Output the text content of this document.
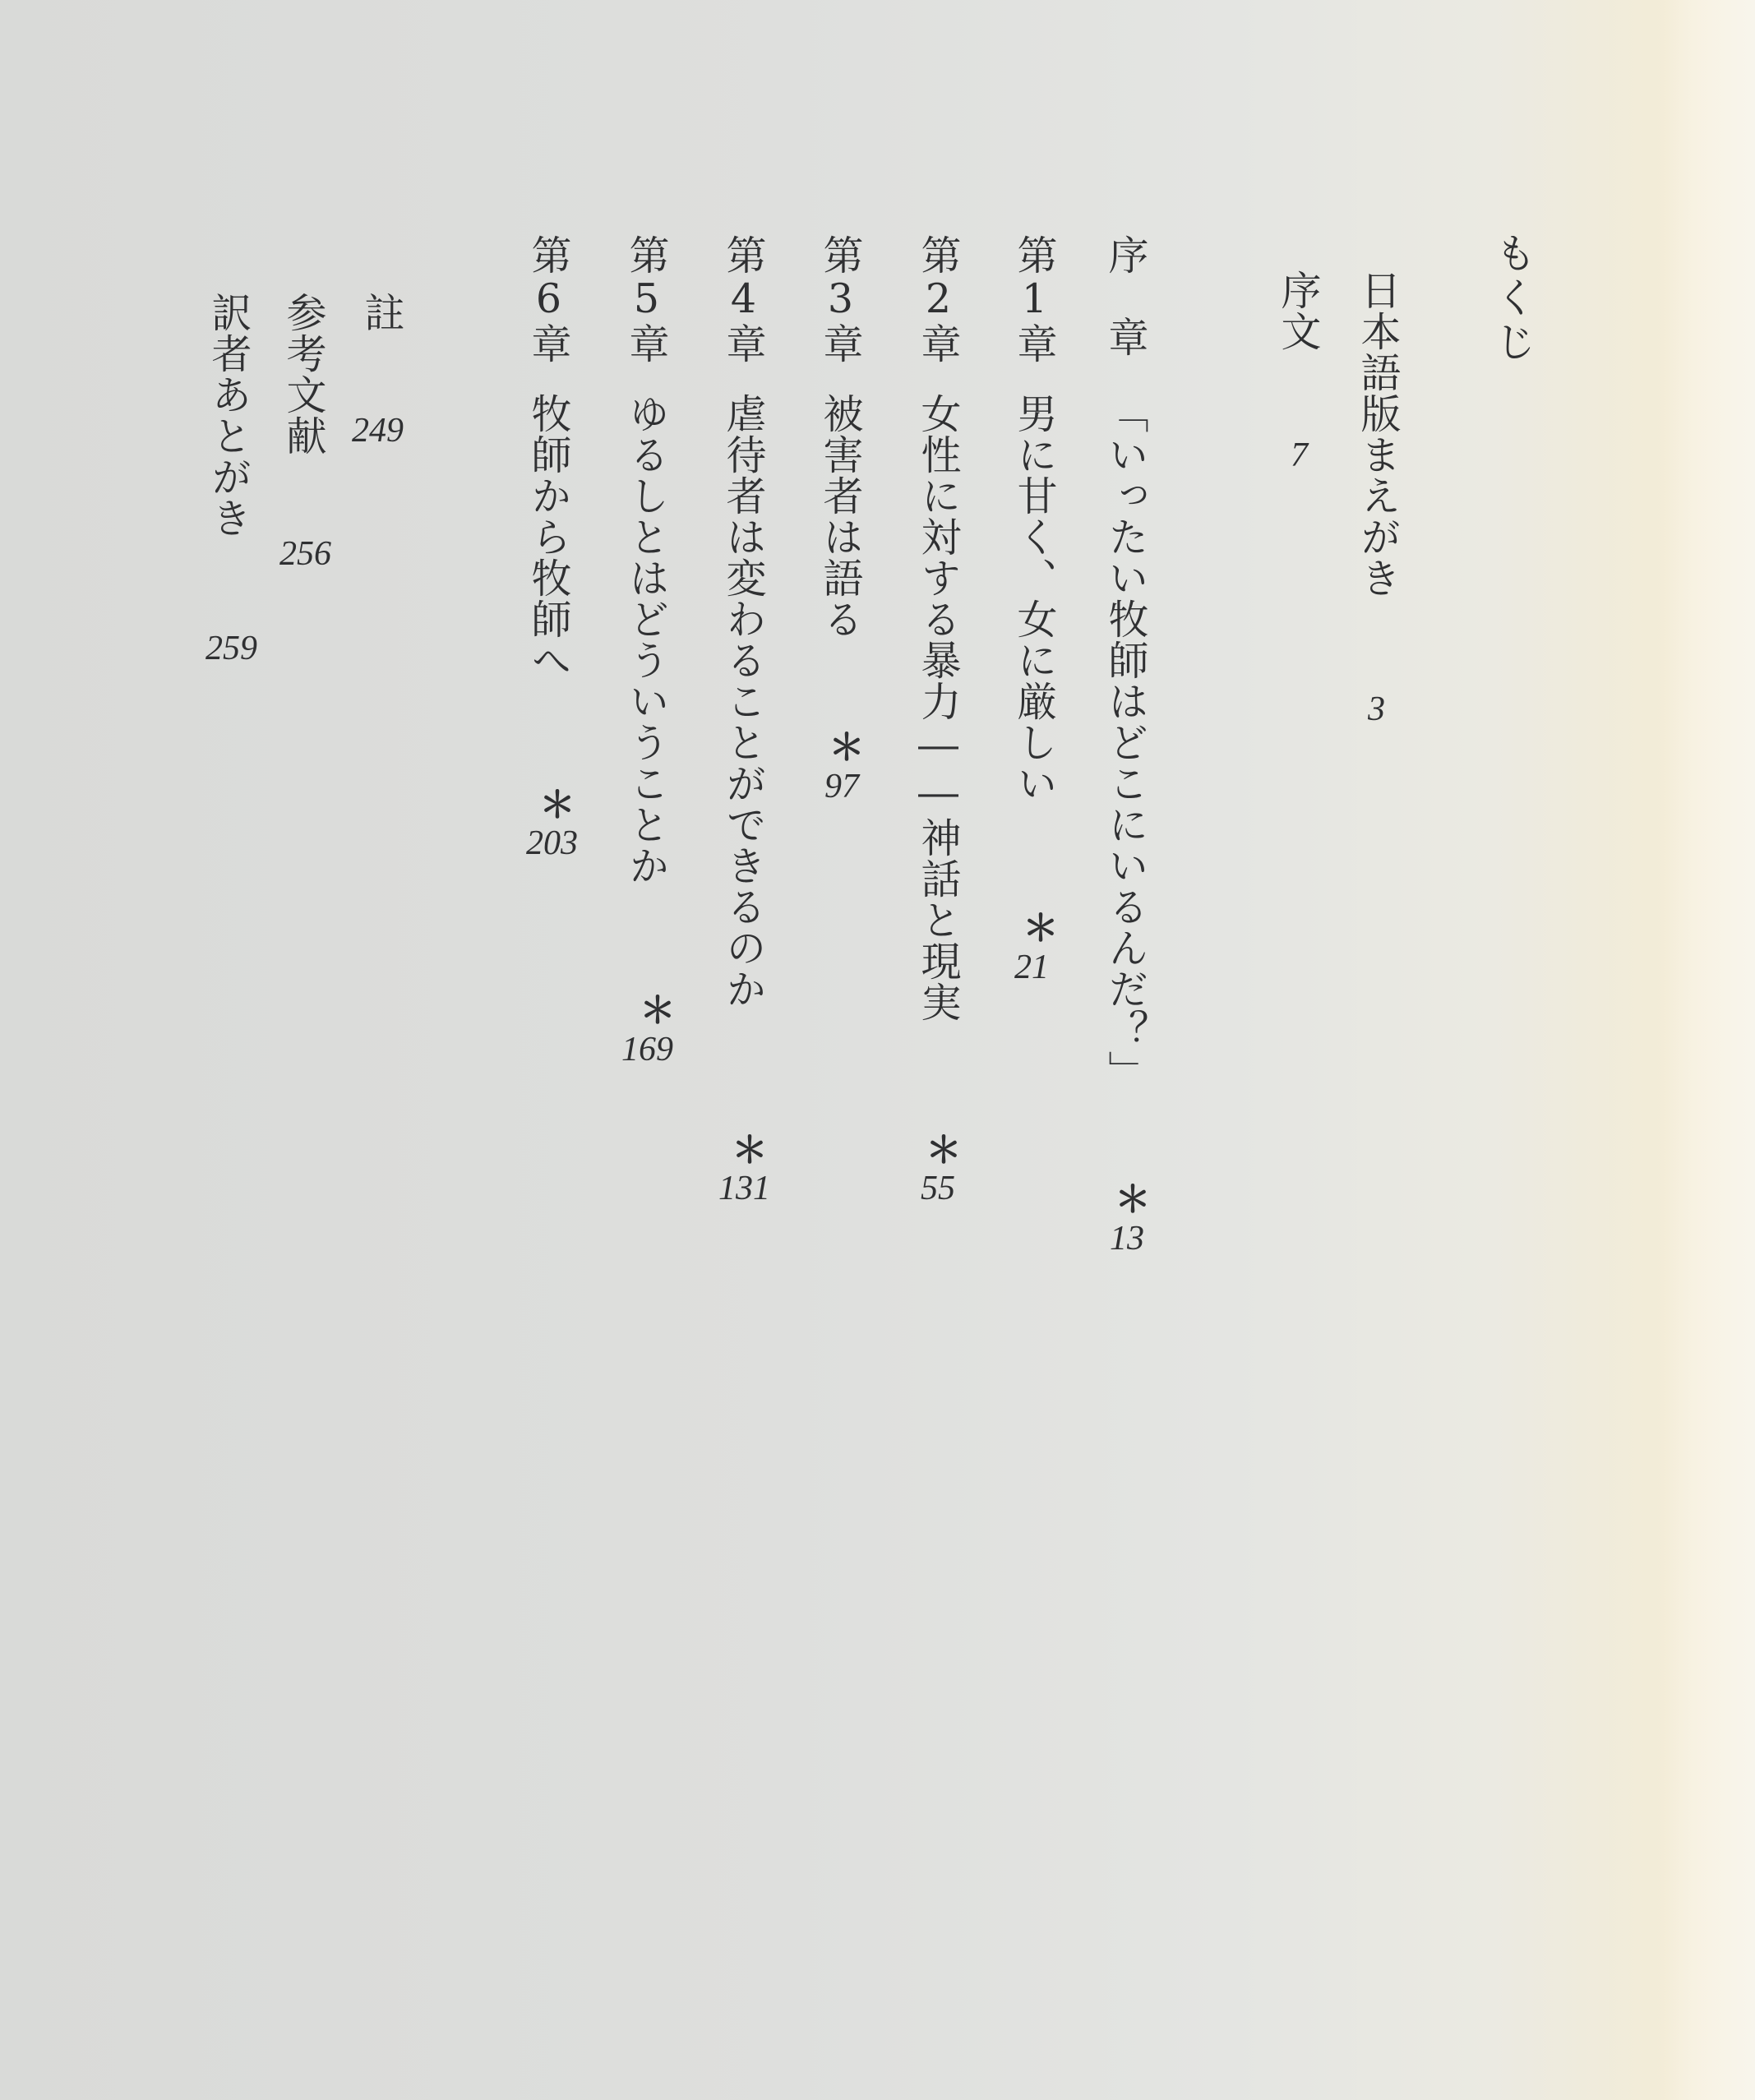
もくじ
日本語版まえがき
3
序文
7
序　章
「いったい牧師はどこにいるんだ？」
＊
13
第1章
男に甘く、女に厳しい
＊
21
第2章
女性に対する暴力――神話と現実
＊
55
第3章
被害者は語る
＊
97
第4章
虐待者は変わることができるのか
＊
131
第5章
ゆるしとはどういうことか
＊
169
第6章
牧師から牧師へ
＊
203
註
249
参考文献
256
訳者あとがき
259
